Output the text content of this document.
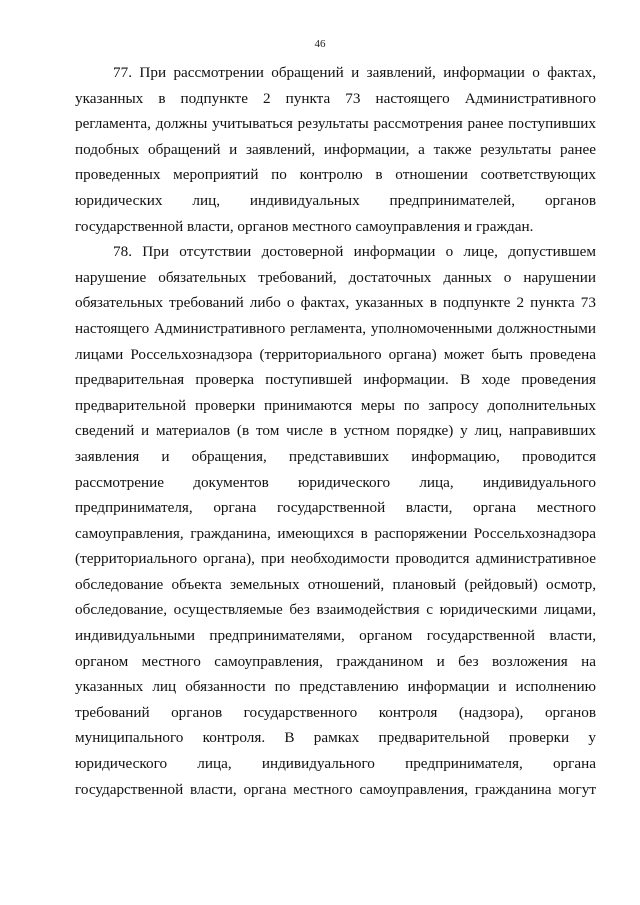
46
77. При рассмотрении обращений и заявлений, информации о фактах,
указанных в подпункте 2 пункта 73 настоящего Административного
регламента, должны учитываться результаты рассмотрения ранее поступивших
подобных обращений и заявлений, информации, а также результаты ранее
проведенных мероприятий по контролю в отношении соответствующих
юридических лиц, индивидуальных предпринимателей, органов
государственной власти, органов местного самоуправления и граждан.
78. При отсутствии достоверной информации о лице, допустившем
нарушение обязательных требований, достаточных данных о нарушении
обязательных требований либо о фактах, указанных в подпункте 2 пункта 73
настоящего Административного регламента, уполномоченными должностными
лицами Россельхознадзора (территориального органа) может быть проведена
предварительная проверка поступившей информации. В ходе проведения
предварительной проверки принимаются меры по запросу дополнительных
сведений и материалов (в том числе в устном порядке) у лиц, направивших
заявления и обращения, представивших информацию, проводится
рассмотрение документов юридического лица, индивидуального
предпринимателя, органа государственной власти, органа местного
самоуправления, гражданина, имеющихся в распоряжении Россельхознадзора
(территориального органа), при необходимости проводится административное
обследование объекта земельных отношений, плановый (рейдовый) осмотр,
обследование, осуществляемые без взаимодействия с юридическими лицами,
индивидуальными предпринимателями, органом государственной власти,
органом местного самоуправления, гражданином и без возложения на
указанных лиц обязанности по представлению информации и исполнению
требований органов государственного контроля (надзора), органов
муниципального контроля. В рамках предварительной проверки у
юридического лица, индивидуального предпринимателя, органа
государственной власти, органа местного самоуправления, гражданина могут
